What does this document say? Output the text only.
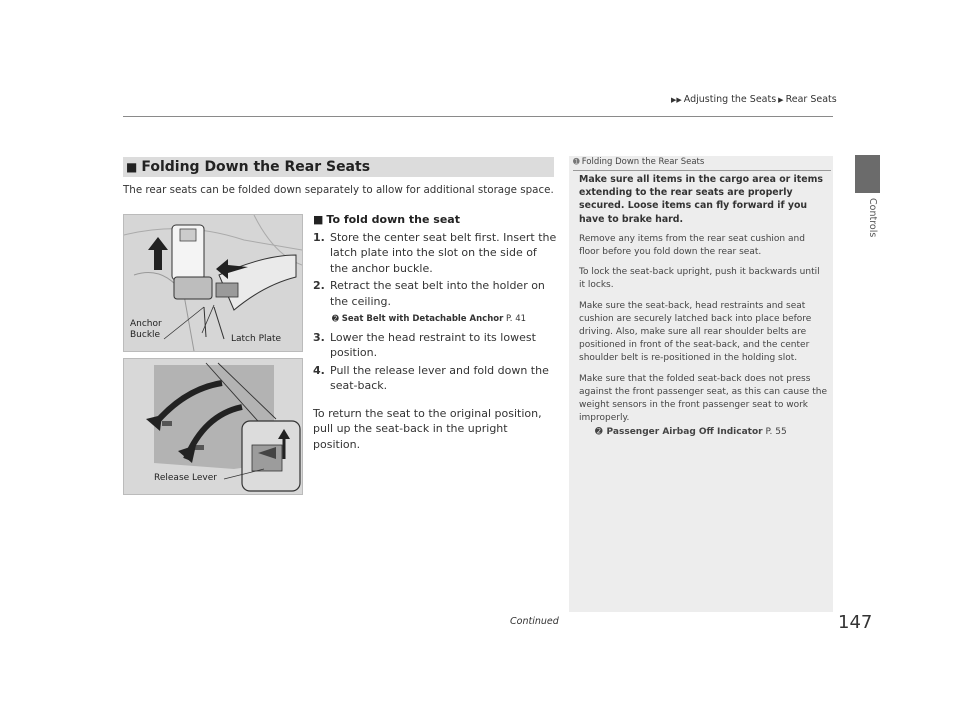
▶▶ Adjusting the Seats ▶ Rear Seats
Controls
■ Folding Down the Rear Seats
The rear seats can be folded down separately to allow for additional storage space.
Anchor
Buckle	Latch Plate
Release Lever
■ To fold down the seat
1. Store the center seat belt first. Insert the latch plate into the slot on the side of the anchor buckle.
2. Retract the seat belt into the holder on the ceiling.
➋ Seat Belt with Detachable Anchor P. 41
3. Lower the head restraint to its lowest position.
4. Pull the release lever and fold down the seat-back.
To return the seat to the original position, pull up the seat-back in the upright position.
➊ Folding Down the Rear Seats

Make sure all items in the cargo area or items extending to the rear seats are properly secured. Loose items can fly forward if you have to brake hard.

Remove any items from the rear seat cushion and floor before you fold down the rear seat.

To lock the seat-back upright, push it backwards until it locks.

Make sure the seat-back, head restraints and seat cushion are securely latched back into place before driving. Also, make sure all rear shoulder belts are positioned in front of the seat-back, and the center shoulder belt is re-positioned in the holding slot.

Make sure that the folded seat-back does not press against the front passenger seat, as this can cause the weight sensors in the front passenger seat to work improperly.

➋ Passenger Airbag Off Indicator P. 55
Continued	147
